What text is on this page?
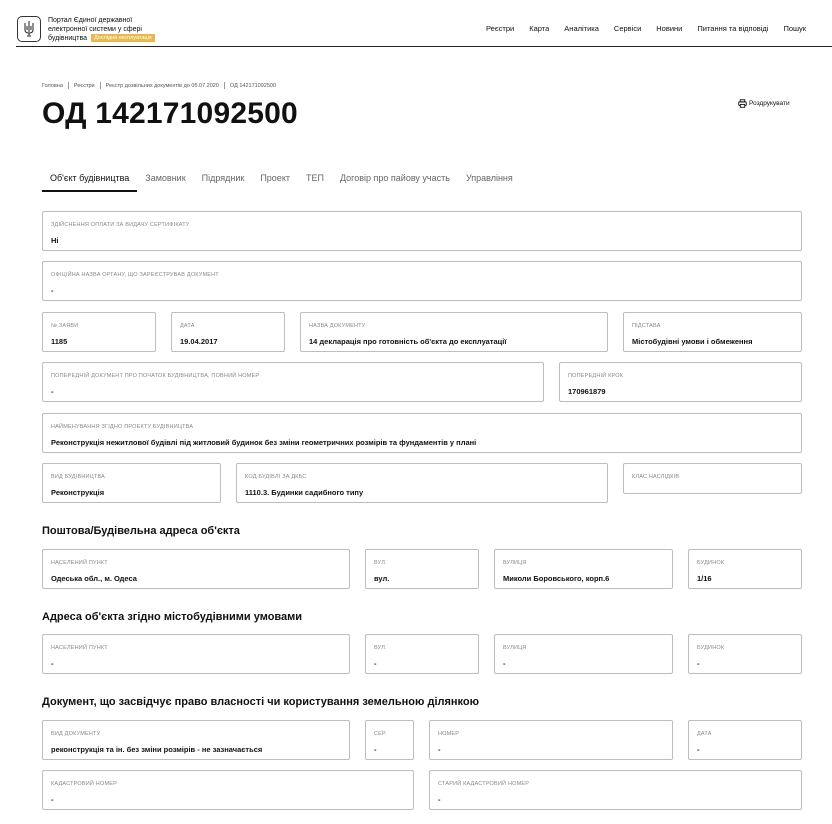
Портал Єдиної державної електронної системи у сфері будівництва Дослідна експлуатація
Реєстри Карта Аналітика Сервіси Новини Питання та відповіді Пошук
Головна Реєстри Реєстр дозвільних документів до 05.07.2020 ОД 142171092500
ОД 142171092500	Роздрукувати
Об'єкт будівництва	Замовник	Підрядник	Проект	ТЕП	Договір про пайову участь	Управління
ЗДІЙСНЕННЯ ОПЛАТИ ЗА ВИДАЧУ СЕРТИФІКАТУ
Ні
ОФІЦІЙНА НАЗВА ОРГАНУ, ЩО ЗАРЕЄСТРУВАВ ДОКУМЕНТ
-
№ ЗАЯВИ
1185
ДАТА
19.04.2017
НАЗВА ДОКУМЕНТУ
14 декларація про готовність об'єкта до експлуатації
ПІДСТАВА
Містобудівні умови і обмеження
ПОПЕРЕДНІЙ ДОКУМЕНТ ПРО ПОЧАТОК БУДІВНИЦТВА, ПОВНИЙ НОМЕР
-
ПОПЕРЕДНІЙ КРОК
170961879
НАЙМЕНУВАННЯ ЗГІДНО ПРОЕКТУ БУДІВНИЦТВА
Реконструкція нежитлової будівлі під житловий будинок без зміни геометричних розмірів та фундаментів у плані
ВИД БУДІВНИЦТВА
Реконструкція
КОД БУДІВЛІ ЗА ДКБС
1110.3. Будинки садибного типу
КЛАС НАСЛІДКІВ
Поштова/Будівельна адреса об'єкта
НАСЕЛЕНИЙ ПУНКТ
Одеська обл., м. Одеса
ВУЛ.
вул.
ВУЛИЦЯ
Миколи Боровського, корп.6
БУДИНОК
1/16
Адреса об'єкта згідно містобудівними умовами
НАСЕЛЕНИЙ ПУНКТ
-
ВУЛ.
-
ВУЛИЦЯ
-
БУДИНОК
-
Документ, що засвідчує право власності чи користування земельною ділянкою
ВИД ДОКУМЕНТУ
реконструкція та ін. без зміни розмірів - не зазначається
СЕР.
-
НОМЕР
-
ДАТА
-
КАДАСТРОВИЙ НОМЕР
-
СТАРИЙ КАДАСТРОВИЙ НОМЕР
-
